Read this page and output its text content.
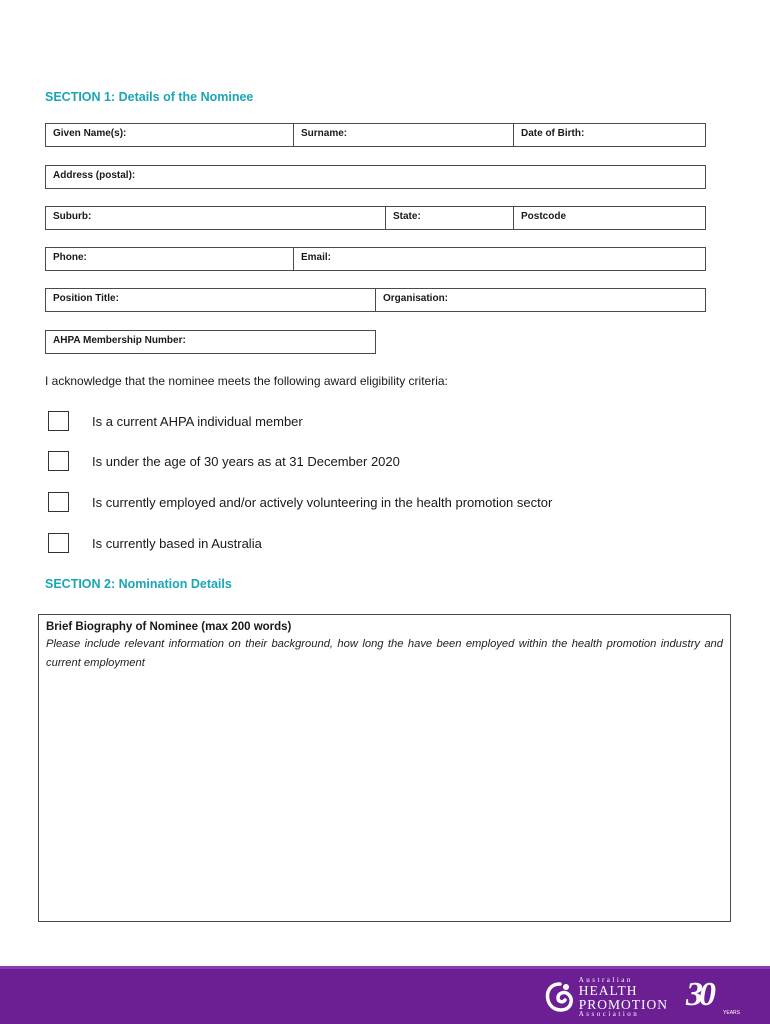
SECTION 1: Details of the Nominee
Given Name(s):	Surname:	Date of Birth:
Address (postal):
Suburb:	State:	Postcode
Phone:	Email:
Position Title:	Organisation:
AHPA Membership Number:
I acknowledge that the nominee meets the following award eligibility criteria:
Is a current AHPA individual member
Is under the age of 30 years as at 31 December 2020
Is currently employed and/or actively volunteering in the health promotion sector
Is currently based in Australia
SECTION 2: Nomination Details
Brief Biography of Nominee (max 200 words)
Please include relevant information on their background, how long the have been employed within the health promotion industry and current employment
Australian
HEALTH
PROMOTION
Association
30 YEARS
